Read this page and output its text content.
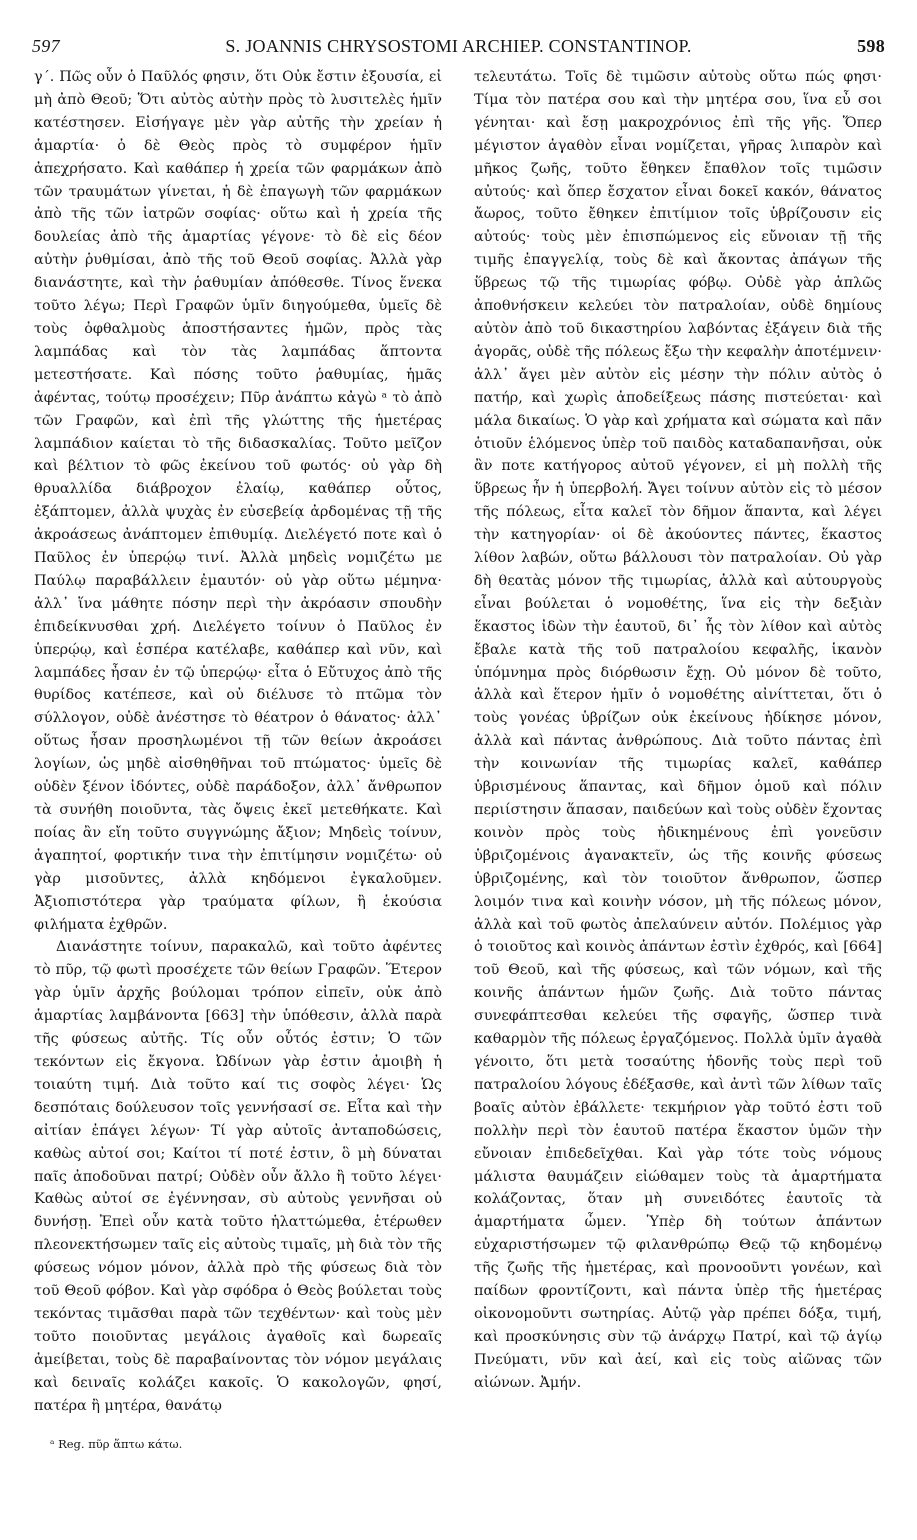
597	S. JOANNIS CHRYSOSTOMI ARCHIEP. CONSTANTINOP.	598

γ΄. Πῶς οὖν ὁ Παῦλός φησιν, ὅτι Οὐκ ἔστιν ἐξουσία, εἰ μὴ ἀπὸ Θεοῦ; Ὅτι αὐτὸς αὐτὴν πρὸς τὸ λυσιτελὲς ἡμῖν κατέστησεν. Εἰσήγαγε μὲν γὰρ αὐτῆς τὴν χρείαν ἡ ἁμαρτία· ὁ δὲ Θεὸς πρὸς τὸ συμφέρον ἡμῖν ἀπεχρήσατο. Καὶ καθάπερ ἡ χρεία τῶν φαρμάκων ἀπὸ τῶν τραυμάτων γίνεται, ἡ δὲ ἐπαγωγὴ τῶν φαρμάκων ἀπὸ τῆς τῶν ἰατρῶν σοφίας· οὕτω καὶ ἡ χρεία τῆς δουλείας ἀπὸ τῆς ἁμαρτίας γέγονε· τὸ δὲ εἰς δέον αὐτὴν ῥυθμίσαι, ἀπὸ τῆς τοῦ Θεοῦ σοφίας. Ἀλλὰ γὰρ διανάστητε, καὶ τὴν ῥαθυμίαν ἀπόθεσθε. Τίνος ἕνεκα τοῦτο λέγω; Περὶ Γραφῶν ὑμῖν διηγούμεθα, ὑμεῖς δὲ τοὺς ὀφθαλμοὺς ἀποστήσαντες ἡμῶν, πρὸς τὰς λαμπάδας καὶ τὸν τὰς λαμπάδας ἅπτοντα μετεστήσατε. Καὶ πόσης τοῦτο ῥαθυμίας, ἡμᾶς ἀφέντας, τούτῳ προσέχειν; Πῦρ ἀνάπτω κἀγὼ ᵃ τὸ ἀπὸ τῶν Γραφῶν, καὶ ἐπὶ τῆς γλώττης τῆς ἡμετέρας λαμπάδιον καίεται τὸ τῆς διδασκαλίας. Τοῦτο μεῖζον καὶ βέλτιον τὸ φῶς ἐκείνου τοῦ φωτός· οὐ γὰρ δὴ θρυαλλίδα διάβροχον ἐλαίῳ, καθάπερ οὗτος, ἐξάπτομεν, ἀλλὰ ψυχὰς ἐν εὐσεβείᾳ ἀρδομένας τῇ τῆς ἀκροάσεως ἀνάπτομεν ἐπιθυμίᾳ. Διελέγετό ποτε καὶ ὁ Παῦλος ἐν ὑπερῴῳ τινί. Ἀλλὰ μηδεὶς νομιζέτω με Παύλῳ παραβάλλειν ἐμαυτόν· οὐ γὰρ οὕτω μέμηνα· ἀλλ᾽ ἵνα μάθητε πόσην περὶ τὴν ἀκρόασιν σπουδὴν ἐπιδείκνυσθαι χρή. Διελέγετο τοίνυν ὁ Παῦλος ἐν ὑπερῴῳ, καὶ ἑσπέρα κατέλαβε, καθάπερ καὶ νῦν, καὶ λαμπάδες ἦσαν ἐν τῷ ὑπερῴῳ· εἶτα ὁ Εὔτυχος ἀπὸ τῆς θυρίδος κατέπεσε, καὶ οὐ διέλυσε τὸ πτῶμα τὸν σύλλογον, οὐδὲ ἀνέστησε τὸ θέατρον ὁ θάνατος· ἀλλ᾽ οὕτως ἦσαν προσηλωμένοι τῇ τῶν θείων ἀκροάσει λογίων, ὡς μηδὲ αἰσθηθῆναι τοῦ πτώματος· ὑμεῖς δὲ οὐδὲν ξένον ἰδόντες, οὐδὲ παράδοξον, ἀλλ᾽ ἄνθρωπον τὰ συνήθη ποιοῦντα, τὰς ὄψεις ἐκεῖ μετεθήκατε. Καὶ ποίας ἂν εἴη τοῦτο συγγνώμης ἄξιον; Μηδεὶς τοίνυν, ἀγαπητοί, φορτικήν τινα τὴν ἐπιτίμησιν νομιζέτω· οὐ γὰρ μισοῦντες, ἀλλὰ κηδόμενοι ἐγκαλοῦμεν. Ἀξιοπιστότερα γὰρ τραύματα φίλων, ἢ ἑκούσια φιλήματα ἐχθρῶν.

Διανάστητε τοίνυν, παρακαλῶ, καὶ τοῦτο ἀφέντες τὸ πῦρ, τῷ φωτὶ προσέχετε τῶν θείων Γραφῶν. Ἕτερον γὰρ ὑμῖν ἀρχῆς βούλομαι τρόπον εἰπεῖν, οὐκ ἀπὸ ἁμαρτίας λαμβάνοντα [663] τὴν ὑπόθεσιν, ἀλλὰ παρὰ τῆς φύσεως αὐτῆς. Τίς οὖν οὗτός ἐστιν; Ὁ τῶν τεκόντων εἰς ἔκγονα. Ὠδίνων γὰρ ἐστιν ἀμοιβὴ ἡ τοιαύτη τιμή. Διὰ τοῦτο καί τις σοφὸς λέγει· Ὡς δεσπόταις δούλευσον τοῖς γεννήσασί σε. Εἶτα καὶ τὴν αἰτίαν ἐπάγει λέγων· Τί γὰρ αὐτοῖς ἀνταποδώσεις, καθὼς αὐτοί σοι; Καίτοι τί ποτέ ἐστιν, ὃ μὴ δύναται παῖς ἀποδοῦναι πατρί; Οὐδὲν οὖν ἄλλο ἢ τοῦτο λέγει· Καθὼς αὐτοί σε ἐγέννησαν, σὺ αὐτοὺς γεννῆσαι οὐ δυνήσῃ. Ἐπεὶ οὖν κατὰ τοῦτο ἡλαττώμεθα, ἑτέρωθεν πλεονεκτήσωμεν ταῖς εἰς αὐτοὺς τιμαῖς, μὴ διὰ τὸν τῆς φύσεως νόμον μόνον, ἀλλὰ πρὸ τῆς φύσεως διὰ τὸν τοῦ Θεοῦ φόβον. Καὶ γὰρ σφόδρα ὁ Θεὸς βούλεται τοὺς τεκόντας τιμᾶσθαι παρὰ τῶν τεχθέντων· καὶ τοὺς μὲν τοῦτο ποιοῦντας μεγάλοις ἀγαθοῖς καὶ δωρεαῖς ἀμείβεται, τοὺς δὲ παραβαίνοντας τὸν νόμον μεγάλαις καὶ δειναῖς κολάζει κακοῖς. Ὁ κακολογῶν, φησί, πατέρα ἢ μητέρα, θανάτῳ

τελευτάτω. Τοῖς δὲ τιμῶσιν αὐτοὺς οὕτω πώς φησι· Τίμα τὸν πατέρα σου καὶ τὴν μητέρα σου, ἵνα εὖ σοι γένηται· καὶ ἔσῃ μακροχρόνιος ἐπὶ τῆς γῆς. Ὅπερ μέγιστον ἀγαθὸν εἶναι νομίζεται, γῆρας λιπαρὸν καὶ μῆκος ζωῆς, τοῦτο ἔθηκεν ἔπαθλον τοῖς τιμῶσιν αὐτούς· καὶ ὅπερ ἔσχατον εἶναι δοκεῖ κακόν, θάνατος ἄωρος, τοῦτο ἔθηκεν ἐπιτίμιον τοῖς ὑβρίζουσιν εἰς αὐτούς· τοὺς μὲν ἐπισπώμενος εἰς εὔνοιαν τῇ τῆς τιμῆς ἐπαγγελίᾳ, τοὺς δὲ καὶ ἄκοντας ἀπάγων τῆς ὕβρεως τῷ τῆς τιμωρίας φόβῳ. Οὐδὲ γὰρ ἁπλῶς ἀποθνήσκειν κελεύει τὸν πατραλοίαν, οὐδὲ δημίους αὐτὸν ἀπὸ τοῦ δικαστηρίου λαβόντας ἐξάγειν διὰ τῆς ἀγορᾶς, οὐδὲ τῆς πόλεως ἔξω τὴν κεφαλὴν ἀποτέμνειν· ἀλλ᾽ ἄγει μὲν αὐτὸν εἰς μέσην τὴν πόλιν αὐτὸς ὁ πατήρ, καὶ χωρὶς ἀποδείξεως πάσης πιστεύεται· καὶ μάλα δικαίως. Ὁ γὰρ καὶ χρήματα καὶ σώματα καὶ πᾶν ὁτιοῦν ἑλόμενος ὑπὲρ τοῦ παιδὸς καταδαπανῆσαι, οὐκ ἂν ποτε κατήγορος αὐτοῦ γέγονεν, εἰ μὴ πολλὴ τῆς ὕβρεως ἦν ἡ ὑπερβολή. Ἄγει τοίνυν αὐτὸν εἰς τὸ μέσον τῆς πόλεως, εἶτα καλεῖ τὸν δῆμον ἅπαντα, καὶ λέγει τὴν κατηγορίαν· οἱ δὲ ἀκούοντες πάντες, ἕκαστος λίθον λαβών, οὕτω βάλλουσι τὸν πατραλοίαν. Οὐ γὰρ δὴ θεατὰς μόνον τῆς τιμωρίας, ἀλλὰ καὶ αὐτουργοὺς εἶναι βούλεται ὁ νομοθέτης, ἵνα εἰς τὴν δεξιὰν ἕκαστος ἰδὼν τὴν ἑαυτοῦ, δι᾽ ἧς τὸν λίθον καὶ αὐτὸς ἔβαλε κατὰ τῆς τοῦ πατραλοίου κεφαλῆς, ἱκανὸν ὑπόμνημα πρὸς διόρθωσιν ἔχῃ. Οὐ μόνον δὲ τοῦτο, ἀλλὰ καὶ ἕτερον ἡμῖν ὁ νομοθέτης αἰνίττεται, ὅτι ὁ τοὺς γονέας ὑβρίζων οὐκ ἐκείνους ἠδίκησε μόνον, ἀλλὰ καὶ πάντας ἀνθρώπους. Διὰ τοῦτο πάντας ἐπὶ τὴν κοινωνίαν τῆς τιμωρίας καλεῖ, καθάπερ ὑβρισμένους ἅπαντας, καὶ δῆμον ὁμοῦ καὶ πόλιν περιίστησιν ἅπασαν, παιδεύων καὶ τοὺς οὐδὲν ἔχοντας κοινὸν πρὸς τοὺς ἠδικημένους ἐπὶ γονεῦσιν ὑβριζομένοις ἀγανακτεῖν, ὡς τῆς κοινῆς φύσεως ὑβριζομένης, καὶ τὸν τοιοῦτον ἄνθρωπον, ὥσπερ λοιμόν τινα καὶ κοινὴν νόσον, μὴ τῆς πόλεως μόνον, ἀλλὰ καὶ τοῦ φωτὸς ἀπελαύνειν αὐτόν. Πολέμιος γὰρ ὁ τοιοῦτος καὶ κοινὸς ἁπάντων ἐστὶν ἐχθρός, καὶ [664] τοῦ Θεοῦ, καὶ τῆς φύσεως, καὶ τῶν νόμων, καὶ τῆς κοινῆς ἁπάντων ἡμῶν ζωῆς. Διὰ τοῦτο πάντας συνεφάπτεσθαι κελεύει τῆς σφαγῆς, ὥσπερ τινὰ καθαρμὸν τῆς πόλεως ἐργαζόμενος. Πολλὰ ὑμῖν ἀγαθὰ γένοιτο, ὅτι μετὰ τοσαύτης ἡδονῆς τοὺς περὶ τοῦ πατραλοίου λόγους ἐδέξασθε, καὶ ἀντὶ τῶν λίθων ταῖς βοαῖς αὐτὸν ἐβάλλετε· τεκμήριον γὰρ τοῦτό ἐστι τοῦ πολλὴν περὶ τὸν ἑαυτοῦ πατέρα ἕκαστον ὑμῶν τὴν εὔνοιαν ἐπιδεδεῖχθαι. Καὶ γὰρ τότε τοὺς νόμους μάλιστα θαυμάζειν εἰώθαμεν τοὺς τὰ ἁμαρτήματα κολάζοντας, ὅταν μὴ συνειδότες ἑαυτοῖς τὰ ἁμαρτήματα ὦμεν. Ὑπὲρ δὴ τούτων ἁπάντων εὐχαριστήσωμεν τῷ φιλανθρώπῳ Θεῷ τῷ κηδομένῳ τῆς ζωῆς τῆς ἡμετέρας, καὶ προνοοῦντι γονέων, καὶ παίδων φροντίζοντι, καὶ πάντα ὑπὲρ τῆς ἡμετέρας οἰκονομοῦντι σωτηρίας. Αὐτῷ γὰρ πρέπει δόξα, τιμή, καὶ προσκύνησις σὺν τῷ ἀνάρχῳ Πατρί, καὶ τῷ ἁγίῳ Πνεύματι, νῦν καὶ ἀεί, καὶ εἰς τοὺς αἰῶνας τῶν αἰώνων. Ἀμήν.

ᵃ Reg. πῦρ ἅπτω κάτω.
